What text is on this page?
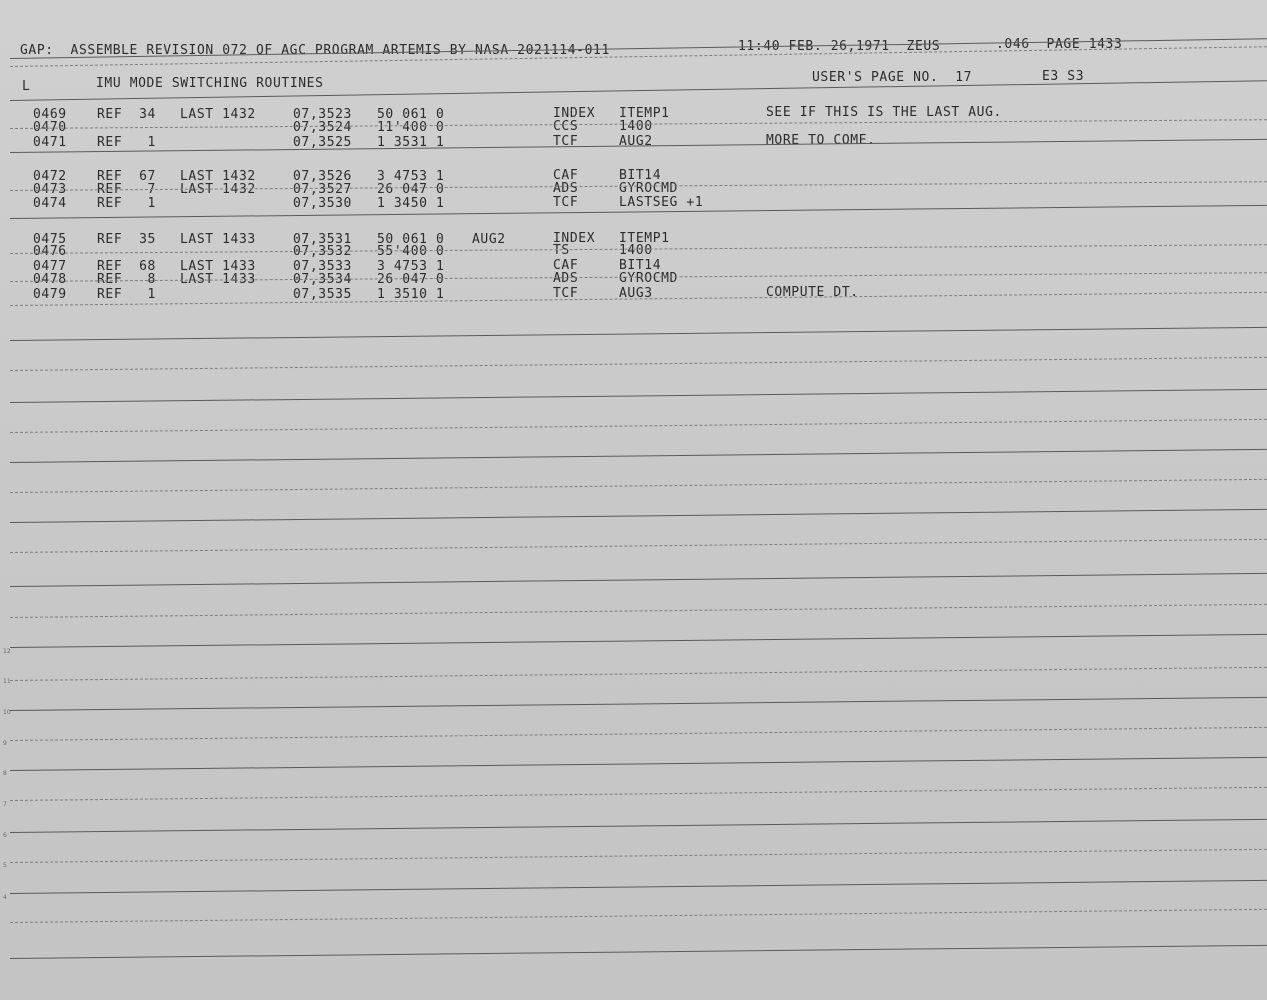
GAP:  ASSEMBLE REVISION 072 OF AGC PROGRAM ARTEMIS BY NASA 2021114-011	11:40 FEB. 26,1971  ZEUS	.046  PAGE 1433
L	IMU MODE SWITCHING ROUTINES	USER'S PAGE NO.  17	E3 S3
0469 REF  34 LAST 1432	07,3523 50 061 0	INDEX ITEMP1	SEE IF THIS IS THE LAST AUG.
0470	07,3524 11'400 0	CCS	1400
0471 REF   1	07,3525 1 3531 1	TCF	AUG2	MORE TO COME.
0472 REF  67 LAST 1432	07,3526 3 4753 1	CAF	BIT14
0473 REF   7 LAST 1432	07,3527 26 047 0	ADS	GYROCMD
0474 REF   1	07,3530 1 3450 1	TCF	LASTSEG +1
0475 REF  35 LAST 1433	07,3531 50 061 0 AUG2	INDEX ITEMP1
0476	07,3532 55'400 0	TS	1400
0477 REF  68 LAST 1433	07,3533 3 4753 1	CAF	BIT14
0478 REF   8 LAST 1433	07,3534 26 047 0	ADS	GYROCMD
0479 REF   1	07,3535 1 3510 1	TCF	AUG3	COMPUTE DT.
12
11
10
9
8
7
6
5
4
